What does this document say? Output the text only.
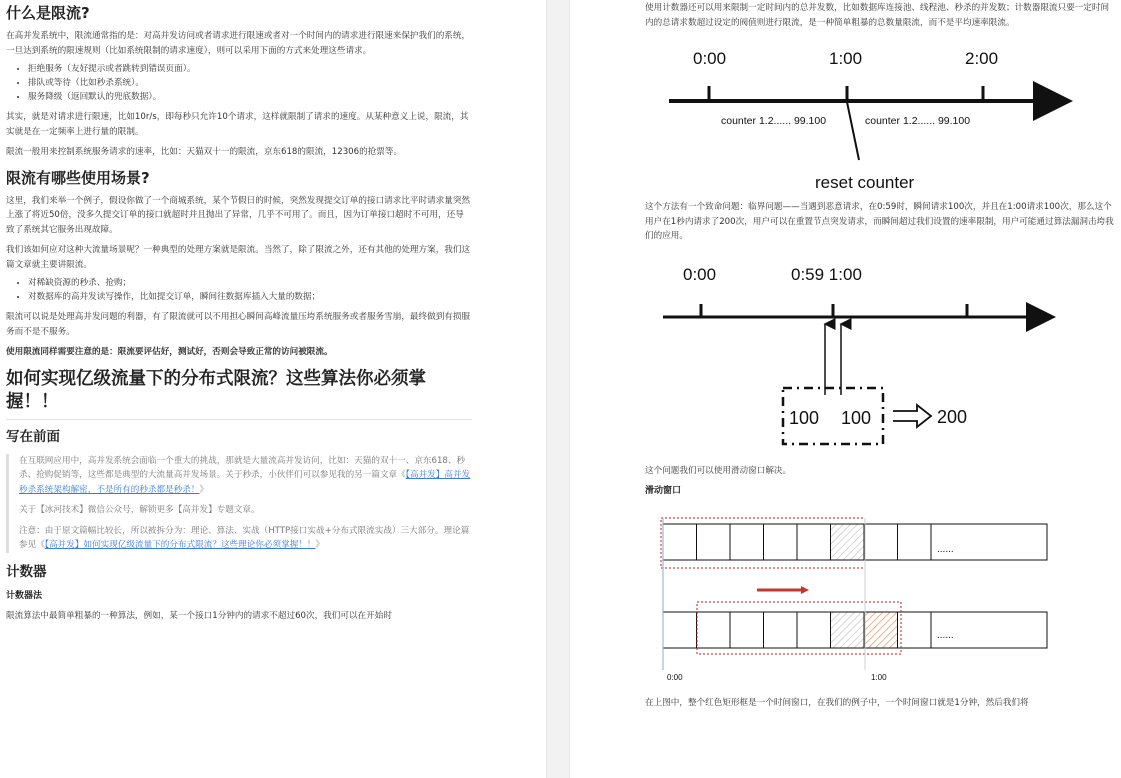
什么是限流?

在高并发系统中，限流通常指的是：对高并发访问或者请求进行限速或者对一个时间内的请求进行限速来保护我们的系统，一旦达到系统的限速规则（比如系统限制的请求速度），则可以采用下面的方式来处理这些请求。

• 拒绝服务（友好提示或者跳转到错误页面）。
• 排队或等待（比如秒杀系统）。
• 服务降级（返回默认的兜底数据）。

其实，就是对请求进行限速，比如10r/s，即每秒只允许10个请求，这样就限制了请求的速度。从某种意义上说，限流，其实就是在一定频率上进行量的限制。

限流一般用来控制系统服务请求的速率，比如：天猫双十一的限流，京东618的限流，12306的抢票等。

限流有哪些使用场景?

这里，我们来举一个例子，假设你做了一个商城系统，某个节假日的时候，突然发现提交订单的接口请求比平时请求量突然上涨了将近50倍，没多久提交订单的接口就超时并且抛出了异常，几乎不可用了。而且，因为订单接口超时不可用，还导致了系统其它服务出现故障。

我们该如何应对这种大流量场景呢？一种典型的处理方案就是限流。当然了，除了限流之外，还有其他的处理方案，我们这篇文章就主要讲限流。

• 对稀缺资源的秒杀、抢购；
• 对数据库的高并发读写操作，比如提交订单，瞬间往数据库插入大量的数据；

限流可以说是处理高并发问题的利器，有了限流就可以不用担心瞬间高峰流量压垮系统服务或者服务雪崩，最终做到有损服务而不是不服务。

使用限流同样需要注意的是：限流要评估好，测试好，否则会导致正常的访问被限流。

如何实现亿级流量下的分布式限流？这些算法你必须掌握！！
写在前面

在互联网应用中，高并发系统会面临一个重大的挑战，那就是大量流高并发访问，比如：天猫的双十一、京东618、秒杀、抢购促销等，这些都是典型的大流量高并发场景。关于秒杀，小伙伴们可以参见我的另一篇文章《【高并发】高并发秒杀系统架构解密，不是所有的秒杀都是秒杀！》

关于【冰河技术】微信公众号，解锁更多【高并发】专题文章。

注意：由于原文篇幅比较长，所以被拆分为：理论、算法、实战（HTTP接口实战+分布式限流实战）三大部分。理论篇参见《【高并发】如何实现亿级流量下的分布式限流？这些理论你必须掌握！！》

计数器
计数器法

限流算法中最简单粗暴的一种算法，例如，某一个接口1分钟内的请求不超过60次，我们可以在开始时

使用计数器还可以用来限制一定时间内的总并发数，比如数据库连接池、线程池、秒杀的并发数；计数器限流只要一定时间内的总请求数超过设定的阀值则进行限流，是一种简单粗暴的总数量限流，而不是平均速率限流。

0:00	1:00	2:00
counter 1.2...... 99.100	counter 1.2...... 99.100
reset counter

这个方法有一个致命问题：临界问题——当遇到恶意请求，在0:59时，瞬间请求100次，并且在1:00请求100次，那么这个用户在1秒内请求了200次，用户可以在重置节点突发请求，而瞬间超过我们设置的速率限制，用户可能通过算法漏洞击垮我们的应用。

0:00	0:59 1:00
100 100	200

这个问题我们可以使用滑动窗口解决。

滑动窗口
......
......
0:00	1:00

在上图中，整个红色矩形框是一个时间窗口，在我们的例子中，一个时间窗口就是1分钟，然后我们将
